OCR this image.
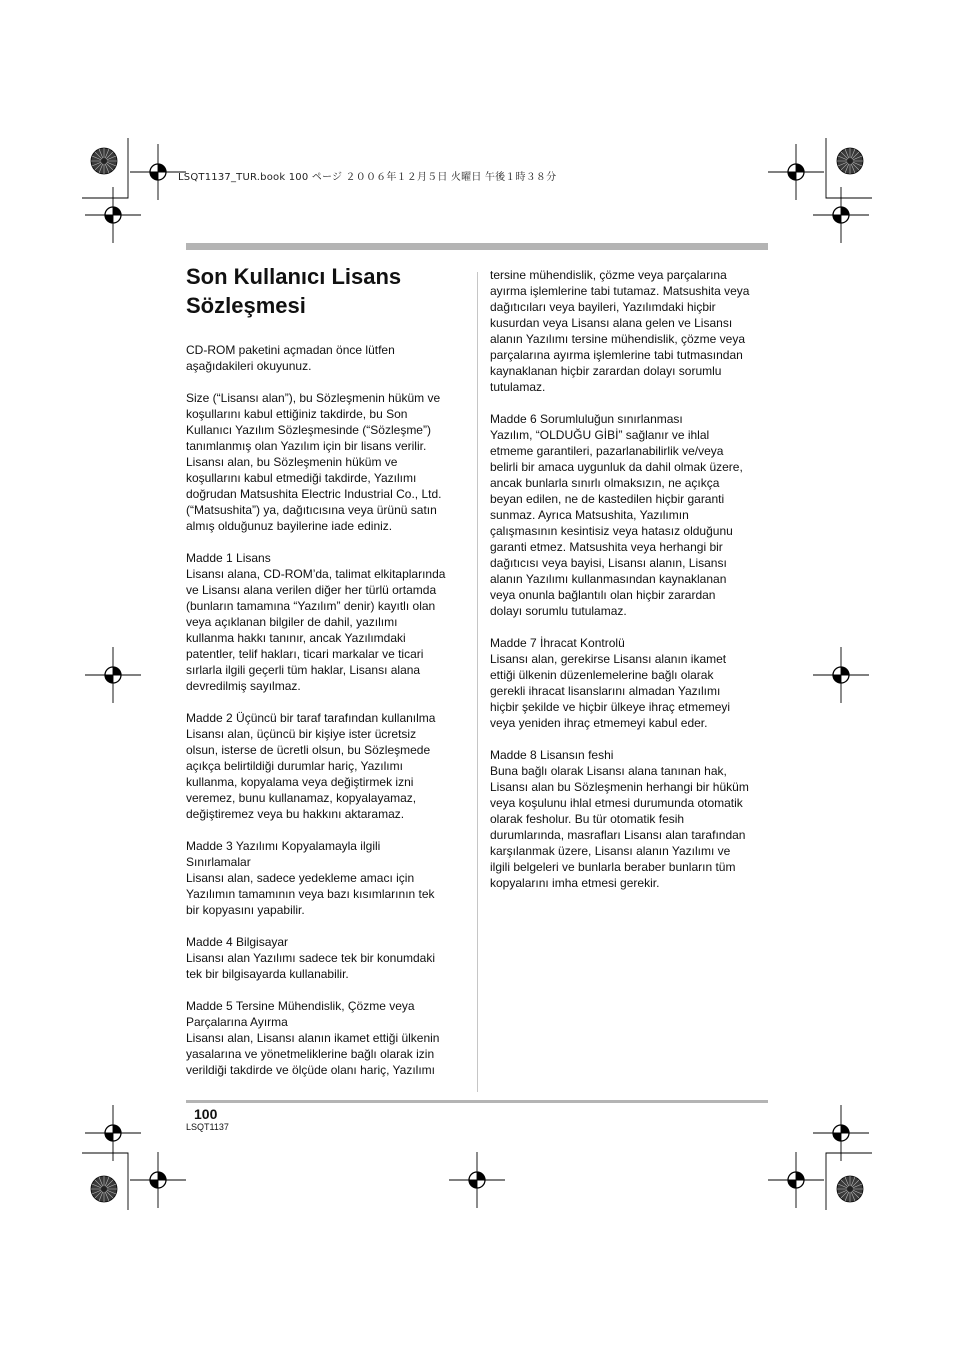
LSQT1137_TUR.book 100 ページ ２００６年１２月５日 火曜日 午後１時３８分
Son Kullanıcı Lisans
Sözleşmesi

CD-ROM paketini açmadan önce lütfen
aşağıdakileri okuyunuz.

Size (“Lisansı alan”), bu Sözleşmenin hüküm ve
koşullarını kabul ettiğiniz takdirde, bu Son
Kullanıcı Yazılım Sözleşmesinde (“Sözleşme”)
tanımlanmış olan Yazılım için bir lisans verilir.
Lisansı alan, bu Sözleşmenin hüküm ve
koşullarını kabul etmediği takdirde, Yazılımı
doğrudan Matsushita Electric Industrial Co., Ltd.
(“Matsushita”) ya, dağıtıcısına veya ürünü satın
almış olduğunuz bayilerine iade ediniz.

Madde 1 Lisans
Lisansı alana, CD-ROM’da, talimat elkitaplarında
ve Lisansı alana verilen diğer her türlü ortamda
(bunların tamamına “Yazılım” denir) kayıtlı olan
veya açıklanan bilgiler de dahil, yazılımı
kullanma hakkı tanınır, ancak Yazılımdaki
patentler, telif hakları, ticari markalar ve ticari
sırlarla ilgili geçerli tüm haklar, Lisansı alana
devredilmiş sayılmaz.

Madde 2 Üçüncü bir taraf tarafından kullanılma
Lisansı alan, üçüncü bir kişiye ister ücretsiz
olsun, isterse de ücretli olsun, bu Sözleşmede
açıkça belirtildiği durumlar hariç, Yazılımı
kullanma, kopyalama veya değiştirmek izni
veremez, bunu kullanamaz, kopyalayamaz,
değiştiremez veya bu hakkını aktaramaz.

Madde 3 Yazılımı Kopyalamayla ilgili
Sınırlamalar
Lisansı alan, sadece yedekleme amacı için
Yazılımın tamamının veya bazı kısımlarının tek
bir kopyasını yapabilir.

Madde 4 Bilgisayar
Lisansı alan Yazılımı sadece tek bir konumdaki
tek bir bilgisayarda kullanabilir.

Madde 5 Tersine Mühendislik, Çözme veya
Parçalarına Ayırma
Lisansı alan, Lisansı alanın ikamet ettiği ülkenin
yasalarına ve yönetmeliklerine bağlı olarak izin
verildiği takdirde ve ölçüde olanı hariç, Yazılımı

tersine mühendislik, çözme veya parçalarına
ayırma işlemlerine tabi tutamaz. Matsushita veya
dağıtıcıları veya bayileri, Yazılımdaki hiçbir
kusurdan veya Lisansı alana gelen ve Lisansı
alanın Yazılımı tersine mühendislik, çözme veya
parçalarına ayırma işlemlerine tabi tutmasından
kaynaklanan hiçbir zarardan dolayı sorumlu
tutulamaz.

Madde 6 Sorumluluğun sınırlanması
Yazılım, “OLDUĞU GİBİ” sağlanır ve ihlal
etmeme garantileri, pazarlanabilirlik ve/veya
belirli bir amaca uygunluk da dahil olmak üzere,
ancak bunlarla sınırlı olmaksızın, ne açıkça
beyan edilen, ne de kastedilen hiçbir garanti
sunmaz. Ayrıca Matsushita, Yazılımın
çalışmasının kesintisiz veya hatasız olduğunu
garanti etmez. Matsushita veya herhangi bir
dağıtıcısı veya bayisi, Lisansı alanın, Lisansı
alanın Yazılımı kullanmasından kaynaklanan
veya onunla bağlantılı olan hiçbir zarardan
dolayı sorumlu tutulamaz.

Madde 7 İhracat Kontrolü
Lisansı alan, gerekirse Lisansı alanın ikamet
ettiği ülkenin düzenlemelerine bağlı olarak
gerekli ihracat lisanslarını almadan Yazılımı
hiçbir şekilde ve hiçbir ülkeye ihraç etmemeyi
veya yeniden ihraç etmemeyi kabul eder.

Madde 8 Lisansın feshi
Buna bağlı olarak Lisansı alana tanınan hak,
Lisansı alan bu Sözleşmenin herhangi bir hüküm
veya koşulunu ihlal etmesi durumunda otomatik
olarak fesholur. Bu tür otomatik fesih
durumlarında, masrafları Lisansı alan tarafından
karşılanmak üzere, Lisansı alanın Yazılımı ve
ilgili belgeleri ve bunlarla beraber bunların tüm
kopyalarını imha etmesi gerekir.

100
LSQT1137
